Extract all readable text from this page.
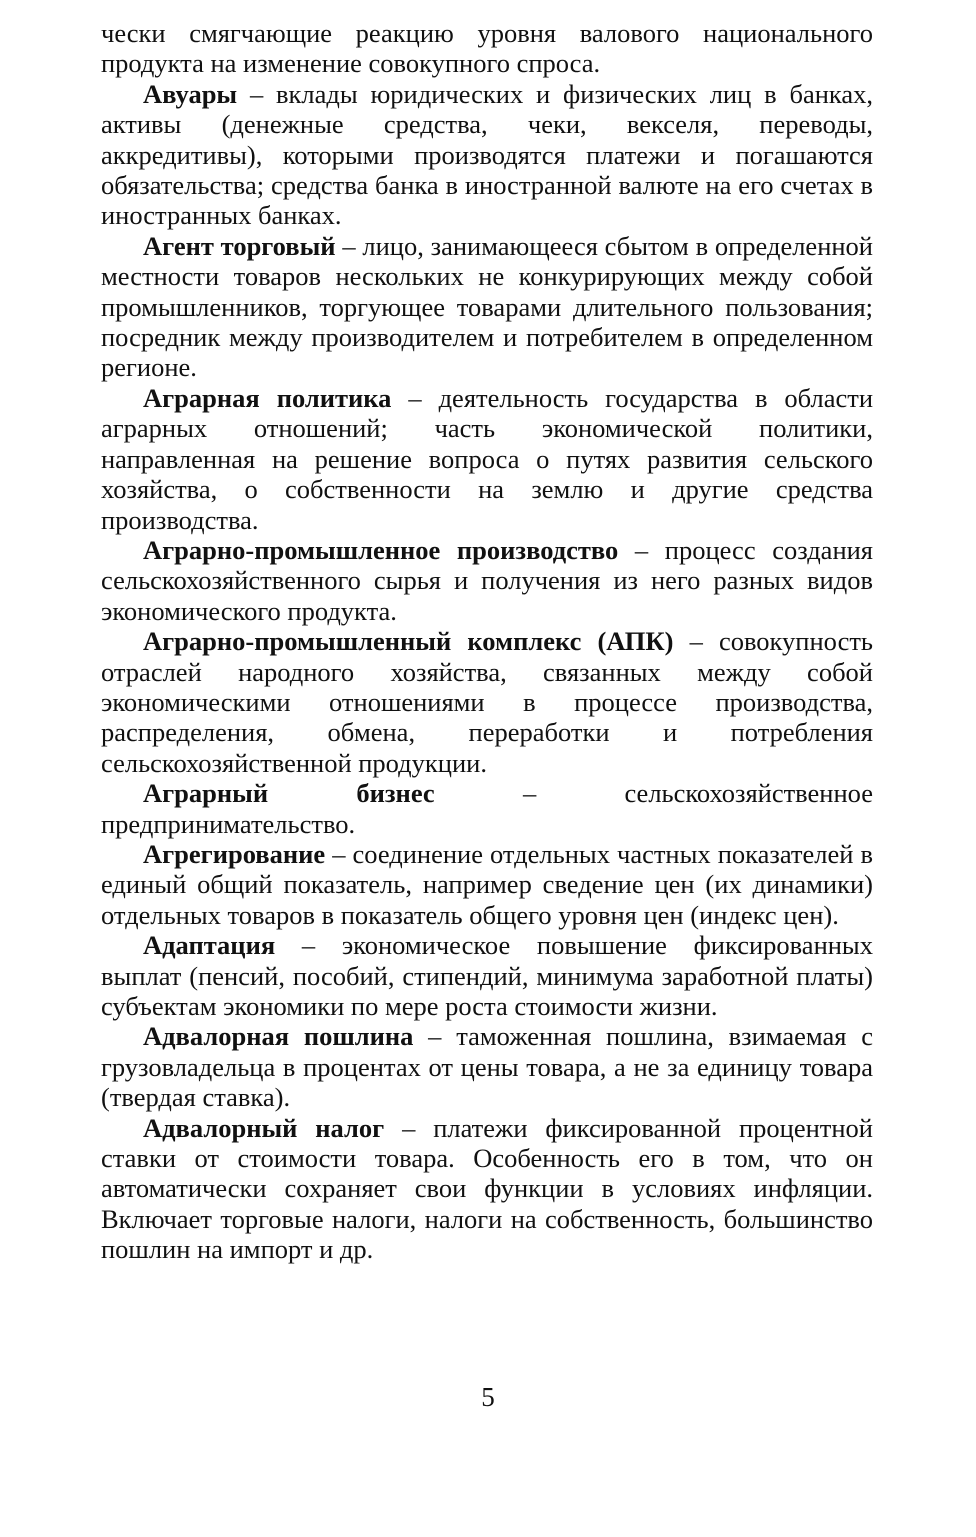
чески смягчающие реакцию уровня валового национального продукта на изменение совокупного спроса.

Авуары – вклады юридических и физических лиц в банках, активы (денежные средства, чеки, векселя, переводы, аккредитивы), которыми производятся платежи и погашаются обязательства; средства банка в иностранной валюте на его счетах в иностранных банках.

Агент торговый – лицо, занимающееся сбытом в определенной местности товаров нескольких не конкурирующих между собой промышленников, торгующее товарами длительного пользования; посредник между производителем и потребителем в определенном регионе.

Аграрная политика – деятельность государства в области аграрных отношений; часть экономической политики, направленная на решение вопроса о путях развития сельского хозяйства, о собственности на землю и другие средства производства.

Аграрно-промышленное производство – процесс создания сельскохозяйственного сырья и получения из него разных видов экономического продукта.

Аграрно-промышленный комплекс (АПК) – совокупность отраслей народного хозяйства, связанных между собой экономическими отношениями в процессе производства, распределения, обмена, переработки и потребления сельскохозяйственной продукции.

Аграрный бизнес – сельскохозяйственное предпринимательство.

Агрегирование – соединение отдельных частных показателей в единый общий показатель, например сведение цен (их динамики) отдельных товаров в показатель общего уровня цен (индекс цен).

Адаптация – экономическое повышение фиксированных выплат (пенсий, пособий, стипендий, минимума заработной платы) субъектам экономики по мере роста стоимости жизни.

Адвалорная пошлина – таможенная пошлина, взимаемая с грузовладельца в процентах от цены товара, а не за единицу товара (твердая ставка).

Адвалорный налог – платежи фиксированной процентной ставки от стоимости товара. Особенность его в том, что он автоматически сохраняет свои функции в условиях инфляции. Включает торговые налоги, налоги на собственность, большинство пошлин на импорт и др.

5
